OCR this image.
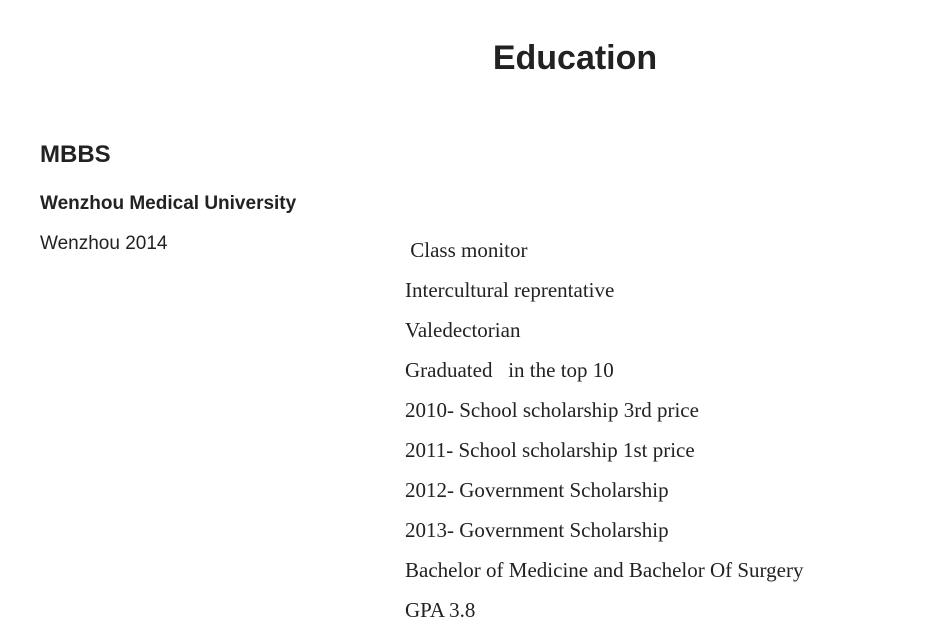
Education
MBBS
Wenzhou Medical University
Wenzhou 2014	Class monitor
Intercultural reprentative
Valedectorian
Graduated   in the top 10
2010- School scholarship 3rd price
2011- School scholarship 1st price
2012- Government Scholarship
2013- Government Scholarship
Bachelor of Medicine and Bachelor Of Surgery
GPA 3.8
